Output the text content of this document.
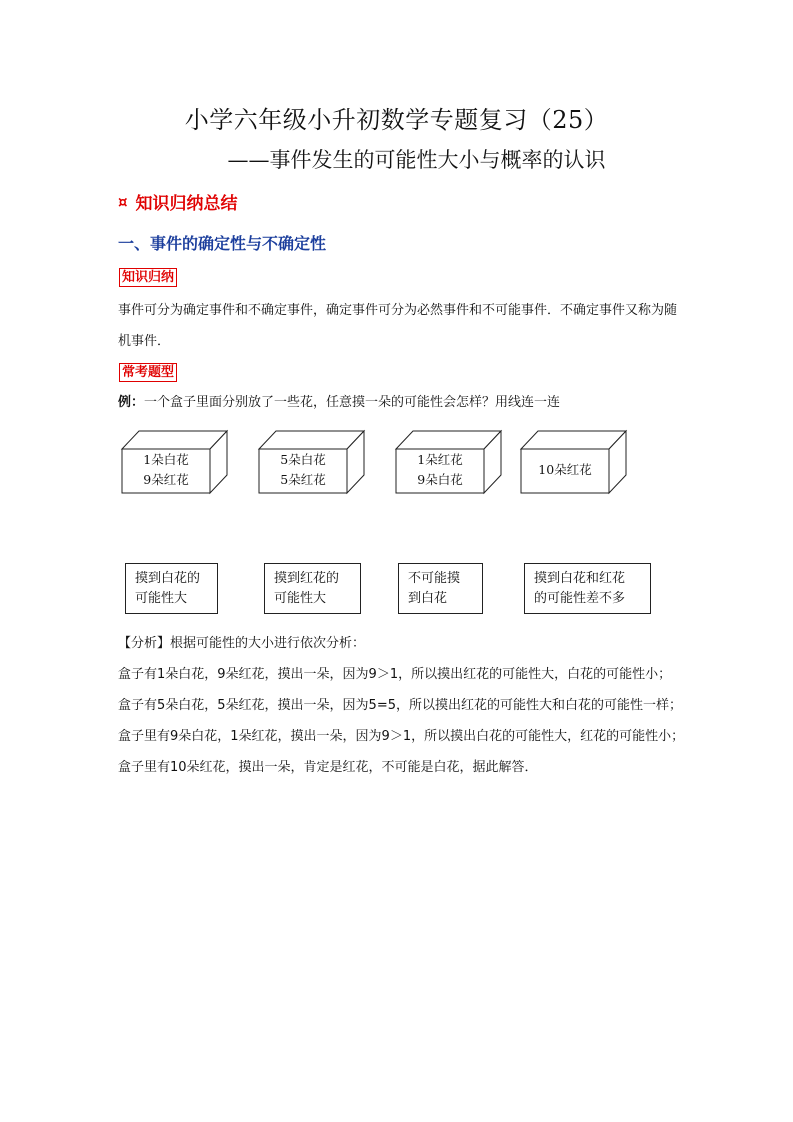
小学六年级小升初数学专题复习（25）
——事件发生的可能性大小与概率的认识
¤ 知识归纳总结
一、事件的确定性与不确定性
知识归纳
事件可分为确定事件和不确定事件，确定事件可分为必然事件和不可能事件．不确定事件又称为随机事件．
常考题型
例：一个盒子里面分别放了一些花，任意摸一朵的可能性会怎样？用线连一连
1朵白花
9朵红花
5朵白花
5朵红花
1朵红花
9朵白花
10朵红花
摸到白花的
可能性大
摸到红花的
可能性大
不可能摸
到白花
摸到白花和红花
的可能性差不多
【分析】根据可能性的大小进行依次分析：
盒子有1朵白花，9朵红花，摸出一朵，因为9＞1，所以摸出红花的可能性大，白花的可能性小；
盒子有5朵白花，5朵红花，摸出一朵，因为5=5，所以摸出红花的可能性大和白花的可能性一样；
盒子里有9朵白花，1朵红花，摸出一朵，因为9＞1，所以摸出白花的可能性大，红花的可能性小；
盒子里有10朵红花，摸出一朵，肯定是红花，不可能是白花，据此解答．
